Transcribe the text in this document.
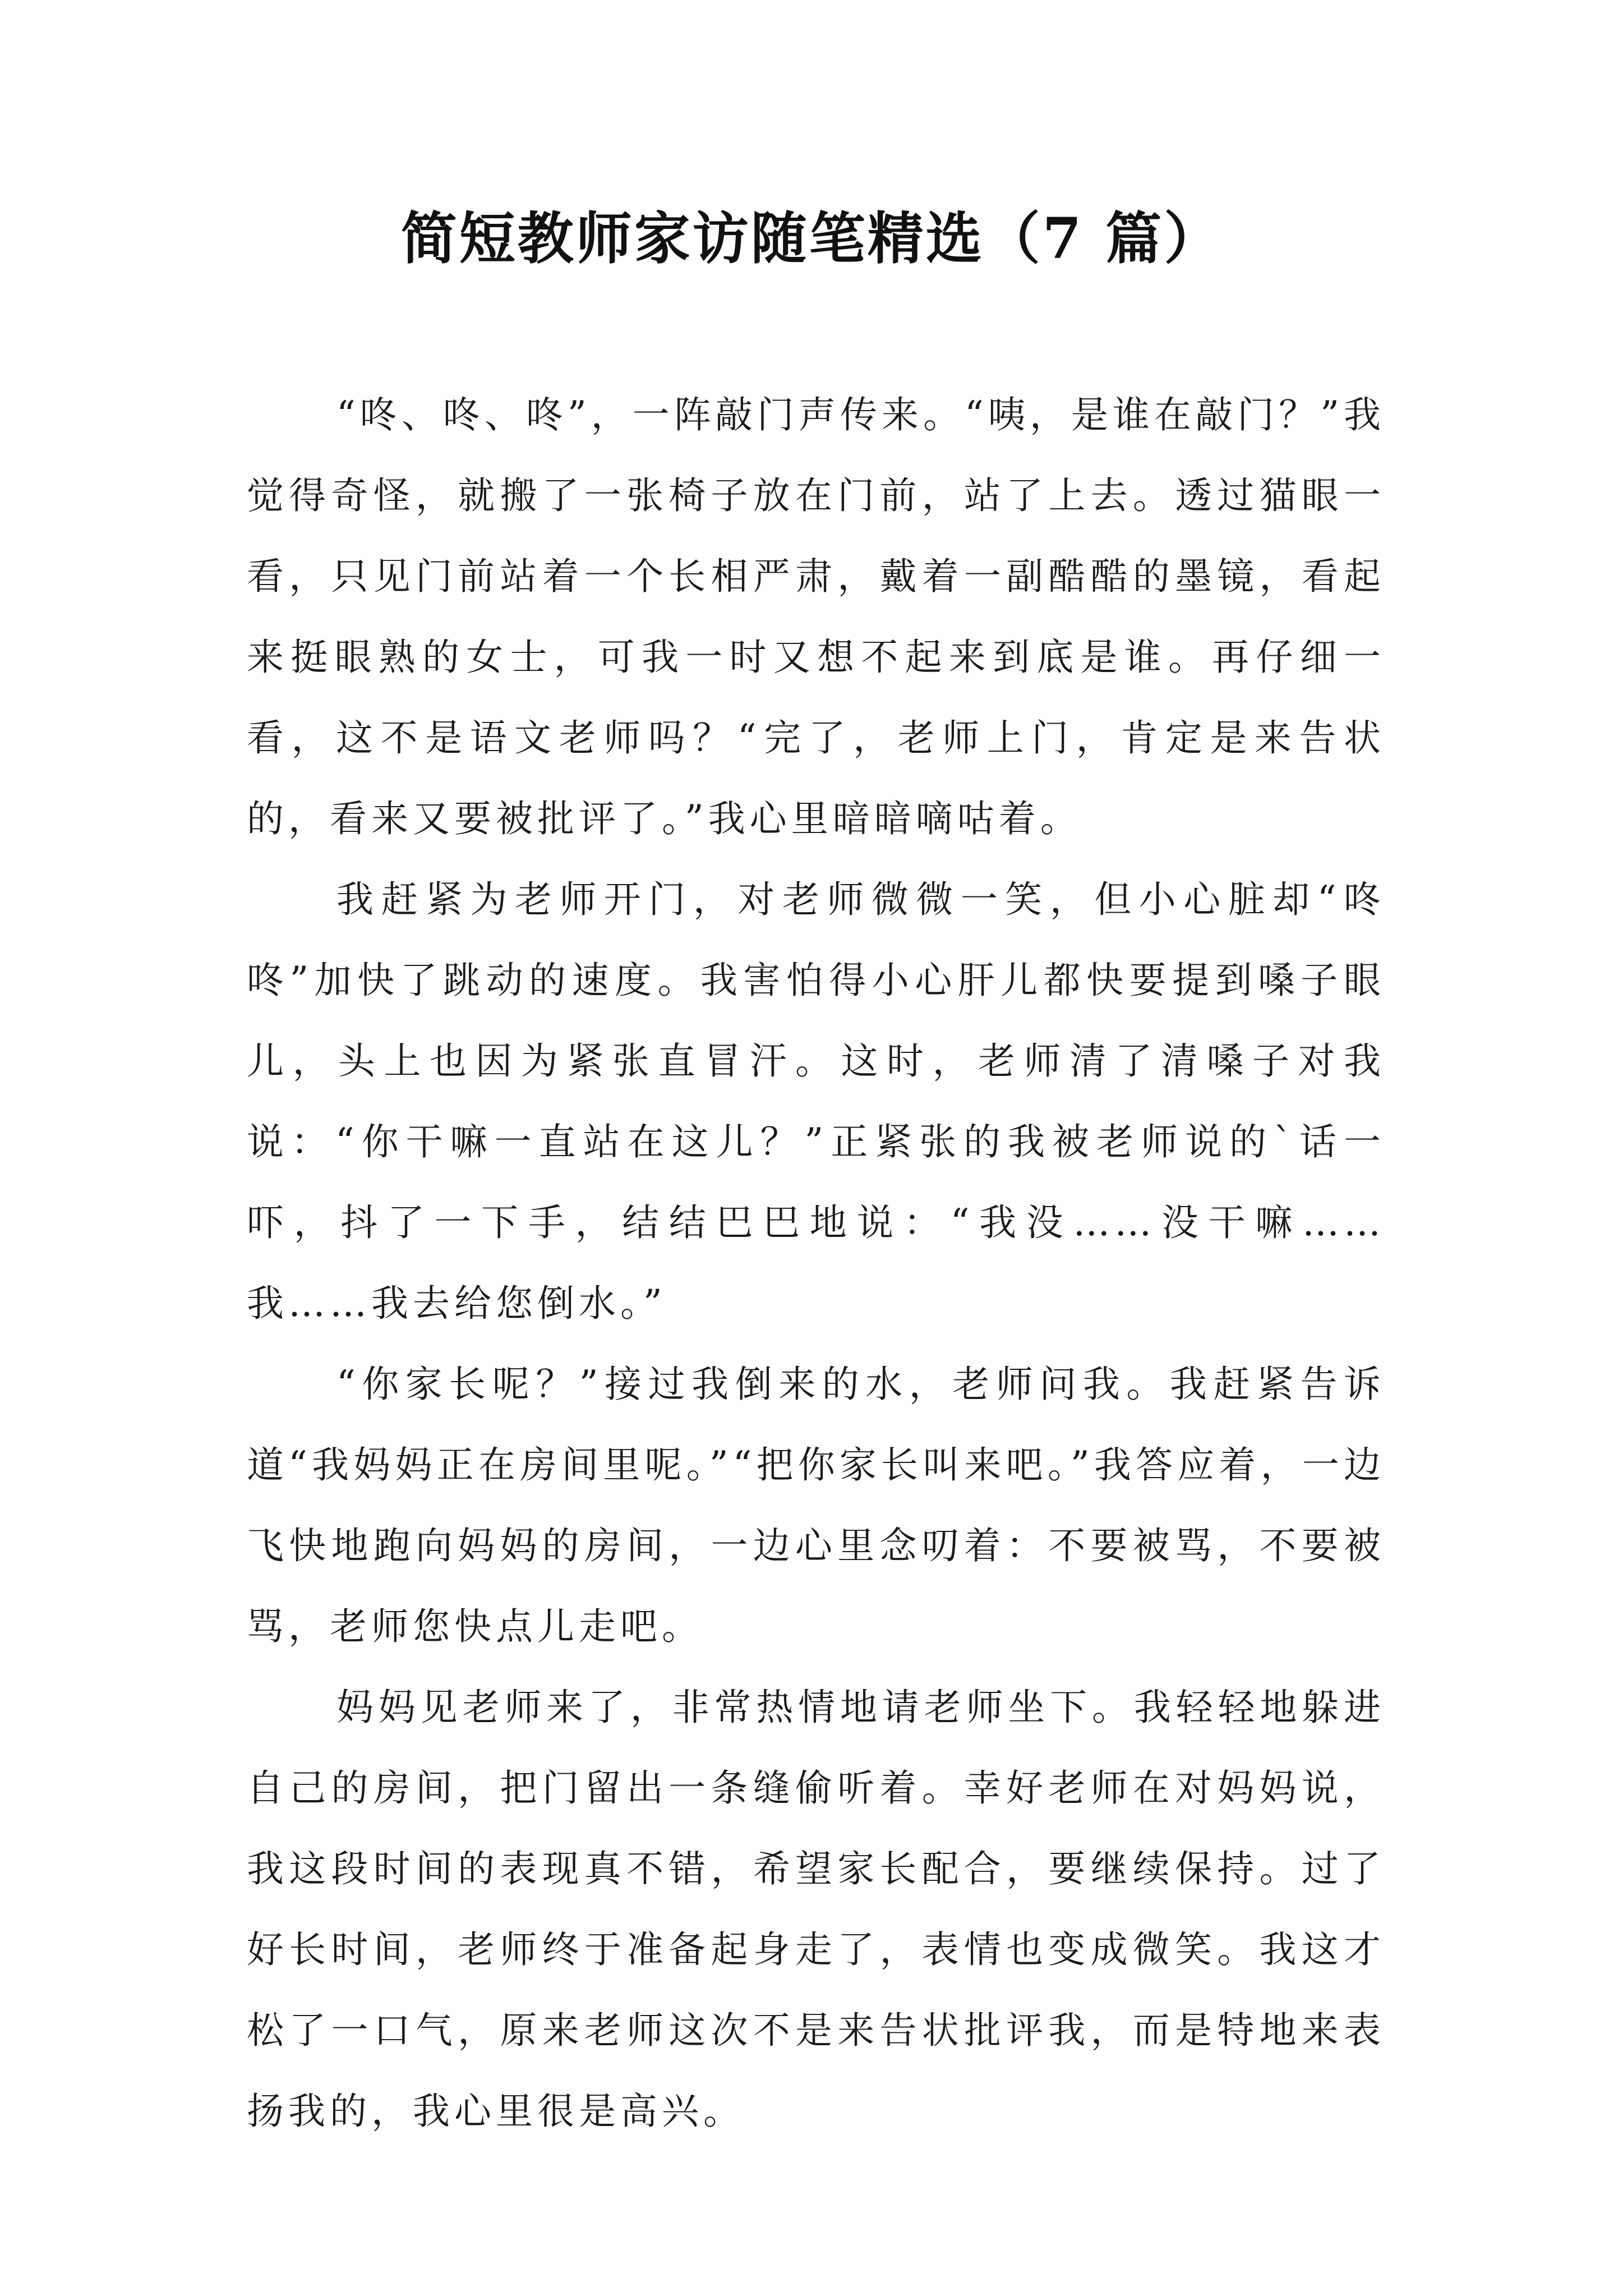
简短教师家访随笔精选（7 篇）

“咚、咚、咚”，一阵敲门声传来。“咦，是谁在敲门？”我觉得奇怪，就搬了一张椅子放在门前，站了上去。透过猫眼一看，只见门前站着一个长相严肃，戴着一副酷酷的墨镜，看起来挺眼熟的女士，可我一时又想不起来到底是谁。再仔细一看，这不是语文老师吗？“完了，老师上门，肯定是来告状的，看来又要被批评了。”我心里暗暗嘀咕着。

我赶紧为老师开门，对老师微微一笑，但小心脏却“咚咚”加快了跳动的速度。我害怕得小心肝儿都快要提到嗓子眼儿，头上也因为紧张直冒汗。这时，老师清了清嗓子对我说：“你干嘛一直站在这儿？”正紧张的我被老师说的`话一吓，抖了一下手，结结巴巴地说：“我没……没干嘛……我……我去给您倒水。”

“你家长呢？”接过我倒来的水，老师问我。我赶紧告诉道“我妈妈正在房间里呢。”“把你家长叫来吧。”我答应着，一边飞快地跑向妈妈的房间，一边心里念叨着：不要被骂，不要被骂，老师您快点儿走吧。

妈妈见老师来了，非常热情地请老师坐下。我轻轻地躲进自己的房间，把门留出一条缝偷听着。幸好老师在对妈妈说，我这段时间的表现真不错，希望家长配合，要继续保持。过了好长时间，老师终于准备起身走了，表情也变成微笑。我这才松了一口气，原来老师这次不是来告状批评我，而是特地来表扬我的，我心里很是高兴。
